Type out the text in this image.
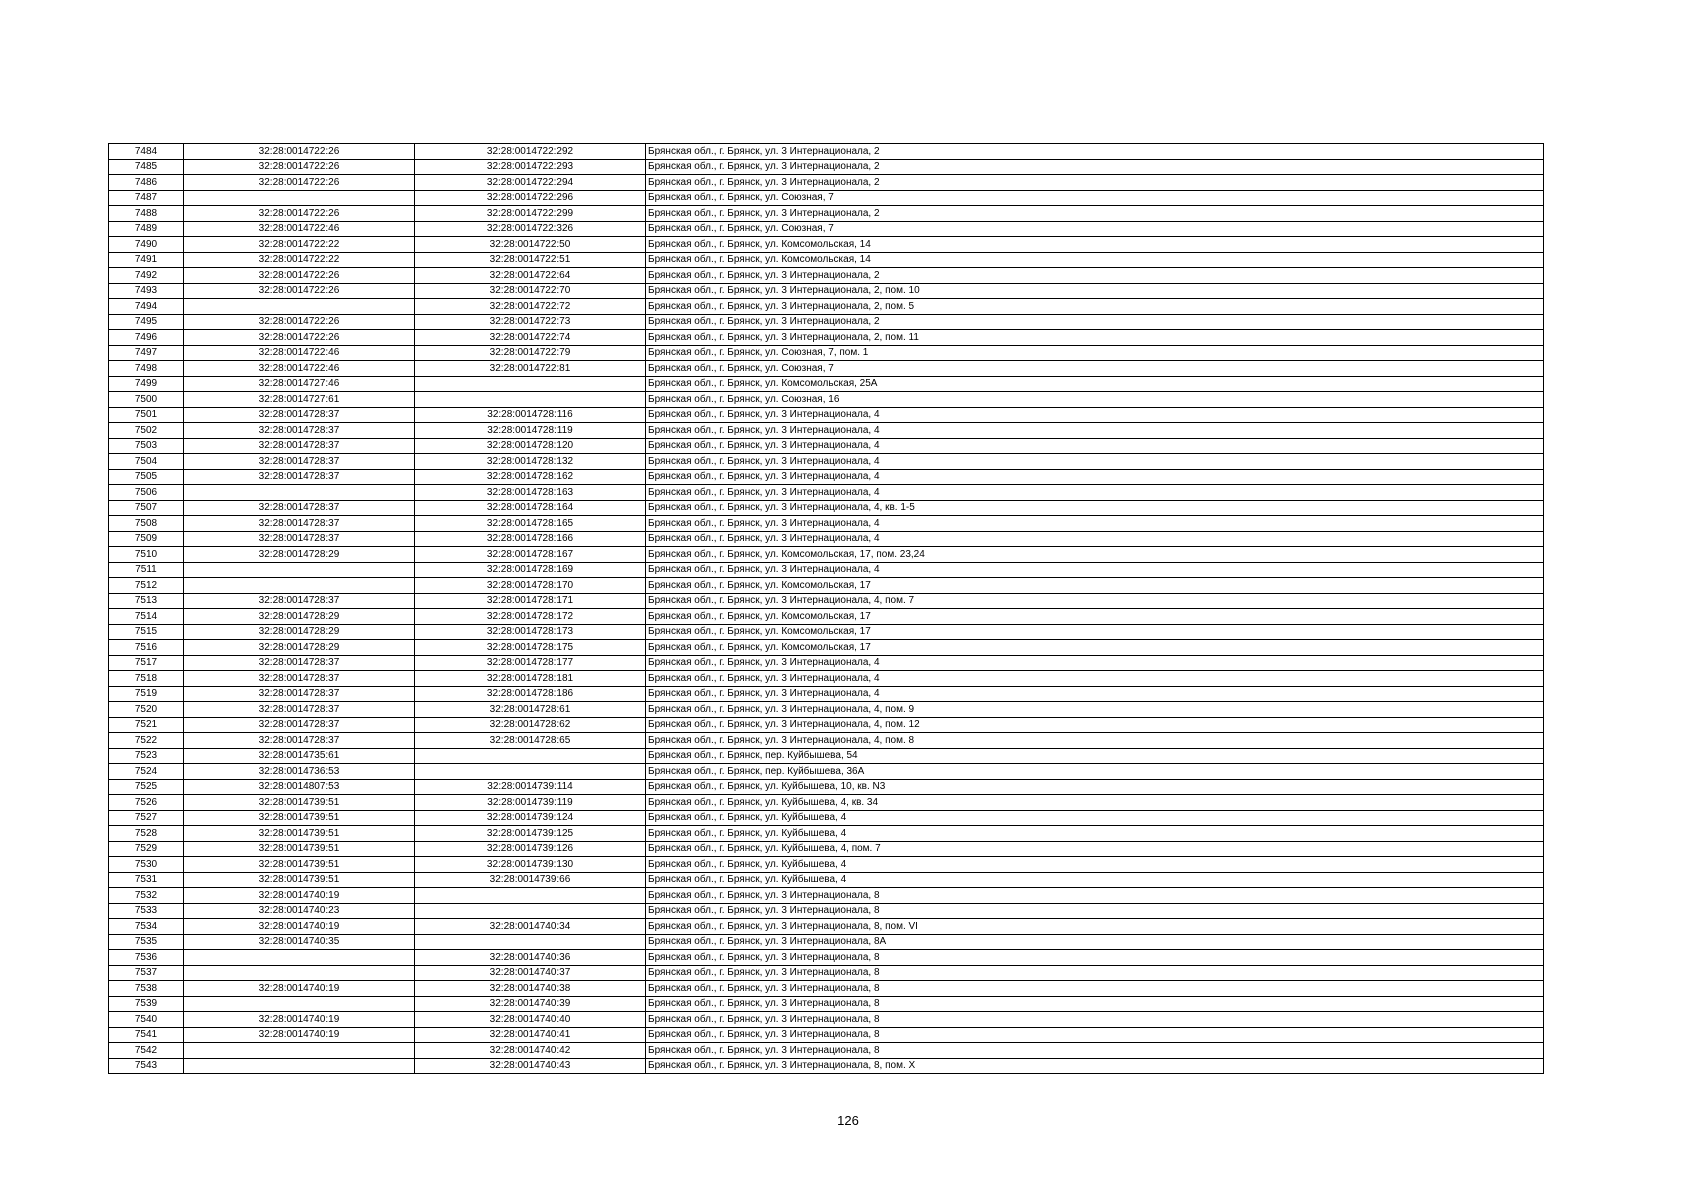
7484	32:28:0014722:26	32:28:0014722:292	Брянская обл., г. Брянск, ул. 3 Интернационала, 2
7485	32:28:0014722:26	32:28:0014722:293	Брянская обл., г. Брянск, ул. 3 Интернационала, 2
7486	32:28:0014722:26	32:28:0014722:294	Брянская обл., г. Брянск, ул. 3 Интернационала, 2
7487		32:28:0014722:296	Брянская обл., г. Брянск, ул. Союзная, 7
7488	32:28:0014722:26	32:28:0014722:299	Брянская обл., г. Брянск, ул. 3 Интернационала, 2
7489	32:28:0014722:46	32:28:0014722:326	Брянская обл., г. Брянск, ул. Союзная, 7
7490	32:28:0014722:22	32:28:0014722:50	Брянская обл., г. Брянск, ул. Комсомольская, 14
7491	32:28:0014722:22	32:28:0014722:51	Брянская обл., г. Брянск, ул. Комсомольская, 14
7492	32:28:0014722:26	32:28:0014722:64	Брянская обл., г. Брянск, ул. 3 Интернационала, 2
7493	32:28:0014722:26	32:28:0014722:70	Брянская обл., г. Брянск, ул. 3 Интернационала, 2, пом. 10
7494		32:28:0014722:72	Брянская обл., г. Брянск, ул. 3 Интернационала, 2, пом. 5
7495	32:28:0014722:26	32:28:0014722:73	Брянская обл., г. Брянск, ул. 3 Интернационала, 2
7496	32:28:0014722:26	32:28:0014722:74	Брянская обл., г. Брянск, ул. 3 Интернационала, 2, пом. 11
7497	32:28:0014722:46	32:28:0014722:79	Брянская обл., г. Брянск, ул. Союзная, 7, пом. 1
7498	32:28:0014722:46	32:28:0014722:81	Брянская обл., г. Брянск, ул. Союзная, 7
7499	32:28:0014727:46		Брянская обл., г. Брянск, ул. Комсомольская, 25А
7500	32:28:0014727:61		Брянская обл., г. Брянск, ул. Союзная, 16
7501	32:28:0014728:37	32:28:0014728:116	Брянская обл., г. Брянск, ул. 3 Интернационала, 4
7502	32:28:0014728:37	32:28:0014728:119	Брянская обл., г. Брянск, ул. 3 Интернационала, 4
7503	32:28:0014728:37	32:28:0014728:120	Брянская обл., г. Брянск, ул. 3 Интернационала, 4
7504	32:28:0014728:37	32:28:0014728:132	Брянская обл., г. Брянск, ул. 3 Интернационала, 4
7505	32:28:0014728:37	32:28:0014728:162	Брянская обл., г. Брянск, ул. 3 Интернационала, 4
7506		32:28:0014728:163	Брянская обл., г. Брянск, ул. 3 Интернационала, 4
7507	32:28:0014728:37	32:28:0014728:164	Брянская обл., г. Брянск, ул. 3 Интернационала, 4, кв. 1-5
7508	32:28:0014728:37	32:28:0014728:165	Брянская обл., г. Брянск, ул. 3 Интернационала, 4
7509	32:28:0014728:37	32:28:0014728:166	Брянская обл., г. Брянск, ул. 3 Интернационала, 4
7510	32:28:0014728:29	32:28:0014728:167	Брянская обл., г. Брянск, ул. Комсомольская, 17, пом. 23,24
7511		32:28:0014728:169	Брянская обл., г. Брянск, ул. 3 Интернационала, 4
7512		32:28:0014728:170	Брянская обл., г. Брянск, ул. Комсомольская, 17
7513	32:28:0014728:37	32:28:0014728:171	Брянская обл., г. Брянск, ул. 3 Интернационала, 4, пом. 7
7514	32:28:0014728:29	32:28:0014728:172	Брянская обл., г. Брянск, ул. Комсомольская, 17
7515	32:28:0014728:29	32:28:0014728:173	Брянская обл., г. Брянск, ул. Комсомольская, 17
7516	32:28:0014728:29	32:28:0014728:175	Брянская обл., г. Брянск, ул. Комсомольская, 17
7517	32:28:0014728:37	32:28:0014728:177	Брянская обл., г. Брянск, ул. 3 Интернационала, 4
7518	32:28:0014728:37	32:28:0014728:181	Брянская обл., г. Брянск, ул. 3 Интернационала, 4
7519	32:28:0014728:37	32:28:0014728:186	Брянская обл., г. Брянск, ул. 3 Интернационала, 4
7520	32:28:0014728:37	32:28:0014728:61	Брянская обл., г. Брянск, ул. 3 Интернационала, 4, пом. 9
7521	32:28:0014728:37	32:28:0014728:62	Брянская обл., г. Брянск, ул. 3 Интернационала, 4, пом. 12
7522	32:28:0014728:37	32:28:0014728:65	Брянская обл., г. Брянск, ул. 3 Интернационала, 4, пом. 8
7523	32:28:0014735:61		Брянская обл., г. Брянск, пер. Куйбышева, 54
7524	32:28:0014736:53		Брянская обл., г. Брянск, пер. Куйбышева, 36А
7525	32:28:0014807:53	32:28:0014739:114	Брянская обл., г. Брянск, ул. Куйбышева, 10, кв. N3
7526	32:28:0014739:51	32:28:0014739:119	Брянская обл., г. Брянск, ул. Куйбышева, 4, кв. 34
7527	32:28:0014739:51	32:28:0014739:124	Брянская обл., г. Брянск, ул. Куйбышева, 4
7528	32:28:0014739:51	32:28:0014739:125	Брянская обл., г. Брянск, ул. Куйбышева, 4
7529	32:28:0014739:51	32:28:0014739:126	Брянская обл., г. Брянск, ул. Куйбышева, 4, пом. 7
7530	32:28:0014739:51	32:28:0014739:130	Брянская обл., г. Брянск, ул. Куйбышева, 4
7531	32:28:0014739:51	32:28:0014739:66	Брянская обл., г. Брянск, ул. Куйбышева, 4
7532	32:28:0014740:19		Брянская обл., г. Брянск, ул. 3 Интернационала, 8
7533	32:28:0014740:23		Брянская обл., г. Брянск, ул. 3 Интернационала, 8
7534	32:28:0014740:19	32:28:0014740:34	Брянская обл., г. Брянск, ул. 3 Интернационала, 8, пом. VI
7535	32:28:0014740:35		Брянская обл., г. Брянск, ул. 3 Интернационала, 8А
7536		32:28:0014740:36	Брянская обл., г. Брянск, ул. 3 Интернационала, 8
7537		32:28:0014740:37	Брянская обл., г. Брянск, ул. 3 Интернационала, 8
7538	32:28:0014740:19	32:28:0014740:38	Брянская обл., г. Брянск, ул. 3 Интернационала, 8
7539		32:28:0014740:39	Брянская обл., г. Брянск, ул. 3 Интернационала, 8
7540	32:28:0014740:19	32:28:0014740:40	Брянская обл., г. Брянск, ул. 3 Интернационала, 8
7541	32:28:0014740:19	32:28:0014740:41	Брянская обл., г. Брянск, ул. 3 Интернационала, 8
7542		32:28:0014740:42	Брянская обл., г. Брянск, ул. 3 Интернационала, 8
7543		32:28:0014740:43	Брянская обл., г. Брянск, ул. 3 Интернационала, 8, пом. X
126
